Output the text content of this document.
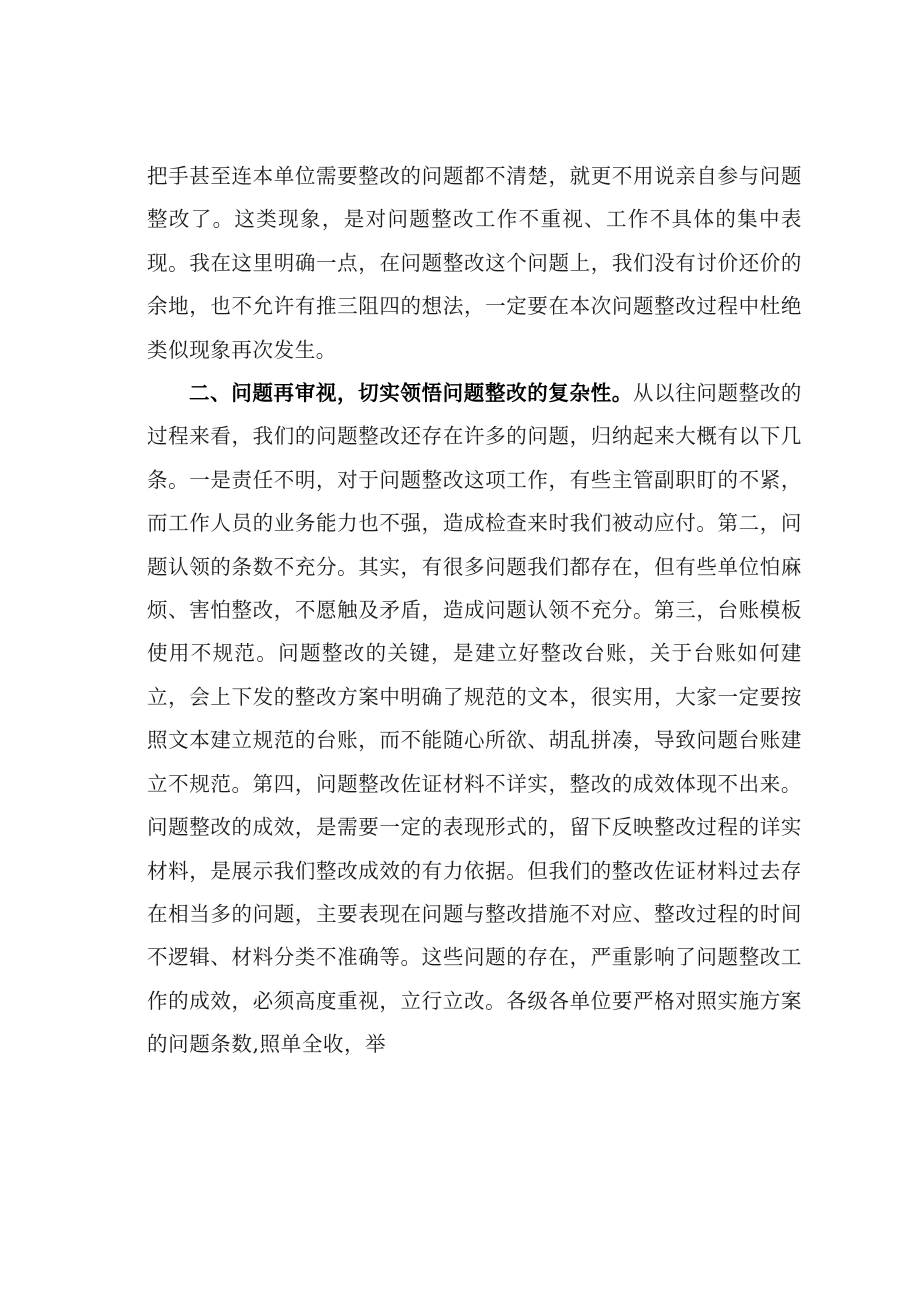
把手甚至连本单位需要整改的问题都不清楚，就更不用说亲自参与问题整改了。这类现象，是对问题整改工作不重视、工作不具体的集中表现。我在这里明确一点，在问题整改这个问题上，我们没有讨价还价的余地，也不允许有推三阻四的想法，一定要在本次问题整改过程中杜绝类似现象再次发生。

二、问题再审视，切实领悟问题整改的复杂性。从以往问题整改的过程来看，我们的问题整改还存在许多的问题，归纳起来大概有以下几条。一是责任不明，对于问题整改这项工作，有些主管副职盯的不紧，而工作人员的业务能力也不强，造成检查来时我们被动应付。第二，问题认领的条数不充分。其实，有很多问题我们都存在，但有些单位怕麻烦、害怕整改，不愿触及矛盾，造成问题认领不充分。第三，台账模板使用不规范。问题整改的关键，是建立好整改台账，关于台账如何建立，会上下发的整改方案中明确了规范的文本，很实用，大家一定要按照文本建立规范的台账，而不能随心所欲、胡乱拼凑，导致问题台账建立不规范。第四，问题整改佐证材料不详实，整改的成效体现不出来。问题整改的成效，是需要一定的表现形式的，留下反映整改过程的详实材料，是展示我们整改成效的有力依据。但我们的整改佐证材料过去存在相当多的问题，主要表现在问题与整改措施不对应、整改过程的时间不逻辑、材料分类不准确等。这些问题的存在，严重影响了问题整改工作的成效，必须高度重视，立行立改。各级各单位要严格对照实施方案的问题条数,照单全收，举
